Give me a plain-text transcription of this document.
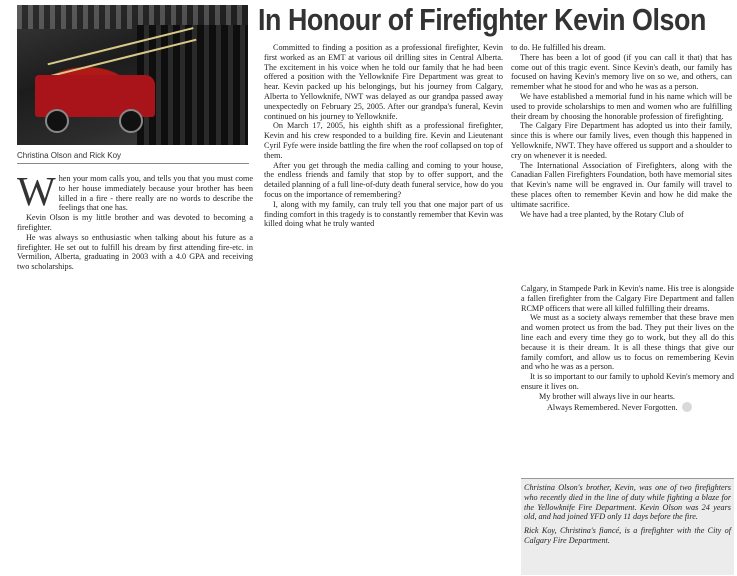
In Honour of Firefighter Kevin Olson
Christina Olson and Rick Koy

When your mom calls you, and tells you that you must come to her house immediately because your brother has been killed in a fire - there really are no words to describe the feelings that one has.

Kevin Olson is my little brother and was devoted to becoming a firefighter.

He was always so enthusiastic when talking about his future as a firefighter. He set out to fulfill his dream by first attending fire-etc. in Vermilion, Alberta, graduating in 2003 with a 4.0 GPA and receiving two scholarships.

Committed to finding a position as a professional firefighter, Kevin first worked as an EMT at various oil drilling sites in Central Alberta. The excitement in his voice when he told our family that he had been offered a position with the Yellowknife Fire Department was great to hear. Kevin packed up his belongings, but his journey from Calgary, Alberta to Yellowknife, NWT was delayed as our grandpa passed away unexpectedly on February 25, 2005. After our grandpa's funeral, Kevin continued on his journey to Yellowknife.

On March 17, 2005, his eighth shift as a professional firefighter, Kevin and his crew responded to a building fire. Kevin and Lieutenant Cyril Fyfe were inside battling the fire when the roof collapsed on top of them.

After you get through the media calling and coming to your house, the endless friends and family that stop by to offer support, and the detailed planning of a full line-of-duty death funeral service, how do you focus on the importance of remembering?

I, along with my family, can truly tell you that one major part of us finding comfort in this tragedy is to constantly remember that Kevin was killed doing what he truly wanted

to do. He fulfilled his dream.

There has been a lot of good (if you can call it that) that has come out of this tragic event. Since Kevin's death, our family has focused on having Kevin's memory live on so we, and others, can remember what he stood for and who he was as a person.

We have established a memorial fund in his name which will be used to provide scholarships to men and women who are fulfilling their dream by choosing the honorable profession of firefighting.

The Calgary Fire Department has adopted us into their family, since this is where our family lives, even though this happened in Yellowknife, NWT. They have offered us support and a shoulder to cry on whenever it is needed.

The International Association of Firefighters, along with the Canadian Fallen Firefighters Foundation, both have memorial sites that Kevin's name will be engraved in. Our family will travel to these places often to remember Kevin and how he did make the ultimate sacrifice.

We have had a tree planted, by the Rotary Club of

Calgary, in Stampede Park in Kevin's name. His tree is alongside a fallen firefighter from the Calgary Fire Department and fallen RCMP officers that were all killed fulfilling their dreams.

We must as a society always remember that these brave men and women protect us from the bad. They put their lives on the line each and every time they go to work, but they all do this because it is their dream. It is all these things that give our family comfort, and allow us to focus on remembering Kevin and who he was as a person.

It is so important to our family to uphold Kevin's memory and ensure it lives on.

My brother will always live in our hearts.

Always Remembered. Never Forgotten.

Christina Olson's brother, Kevin, was one of two firefighters who recently died in the line of duty while fighting a blaze for the Yellowknife Fire Department. Kevin Olson was 24 years old, and had joined YFD only 11 days before the fire.

Rick Koy, Christina's fiancé, is a firefighter with the City of Calgary Fire Department.
